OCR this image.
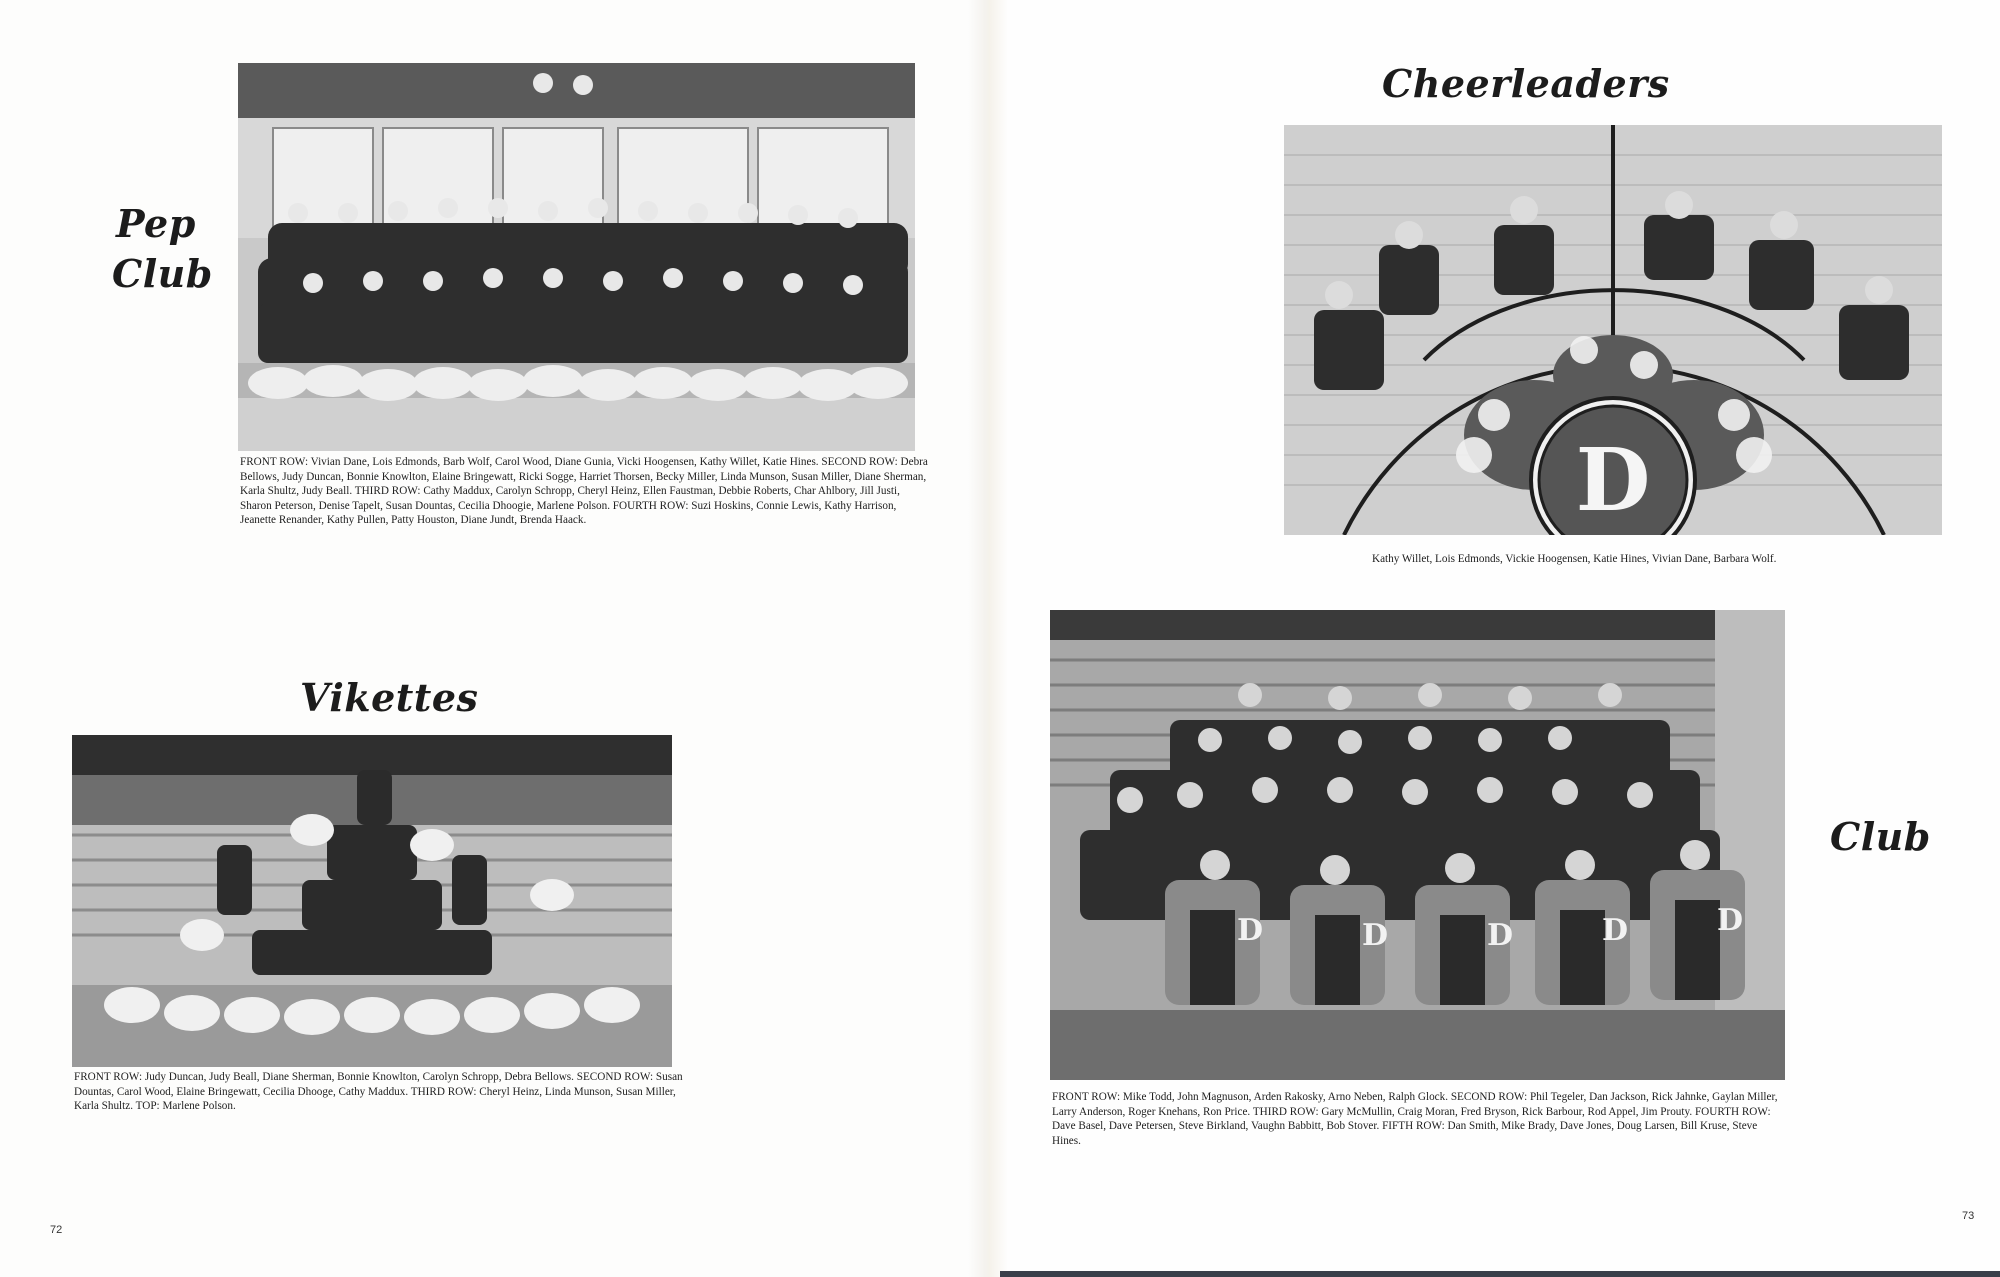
Pep
Club
FRONT ROW: Vivian Dane, Lois Edmonds, Barb Wolf, Carol Wood, Diane Gunia, Vicki Hoogensen, Kathy Willet, Katie Hines. SECOND ROW: Debra Bellows, Judy Duncan, Bonnie Knowlton, Elaine Bringewatt, Ricki Sogge, Harriet Thorsen, Becky Miller, Linda Munson, Susan Miller, Diane Sherman, Karla Shultz, Judy Beall. THIRD ROW: Cathy Maddux, Carolyn Schropp, Cheryl Heinz, Ellen Faustman, Debbie Roberts, Char Ahlbory, Jill Justi, Sharon Peterson, Denise Tapelt, Susan Dountas, Cecilia Dhoogie, Marlene Polson. FOURTH ROW: Suzi Hoskins, Connie Lewis, Kathy Harrison, Jeanette Renander, Kathy Pullen, Patty Houston, Diane Jundt, Brenda Haack.
Vikettes
FRONT ROW: Judy Duncan, Judy Beall, Diane Sherman, Bonnie Knowlton, Carolyn Schropp, Debra Bellows. SECOND ROW: Susan Dountas, Carol Wood, Elaine Bringewatt, Cecilia Dhooge, Cathy Maddux. THIRD ROW: Cheryl Heinz, Linda Munson, Susan Miller, Karla Shultz. TOP: Marlene Polson.
72
Cheerleaders
D
Kathy Willet, Lois Edmonds, Vickie Hoogensen, Katie Hines, Vivian Dane, Barbara Wolf.
Club
D	D	D	D	D
FRONT ROW: Mike Todd, John Magnuson, Arden Rakosky, Arno Neben, Ralph Glock. SECOND ROW: Phil Tegeler, Dan Jackson, Rick Jahnke, Gaylan Miller, Larry Anderson, Roger Knehans, Ron Price. THIRD ROW: Gary McMullin, Craig Moran, Fred Bryson, Rick Barbour, Rod Appel, Jim Prouty. FOURTH ROW: Dave Basel, Dave Petersen, Steve Birkland, Vaughn Babbitt, Bob Stover. FIFTH ROW: Dan Smith, Mike Brady, Dave Jones, Doug Larsen, Bill Kruse, Steve Hines.
73
